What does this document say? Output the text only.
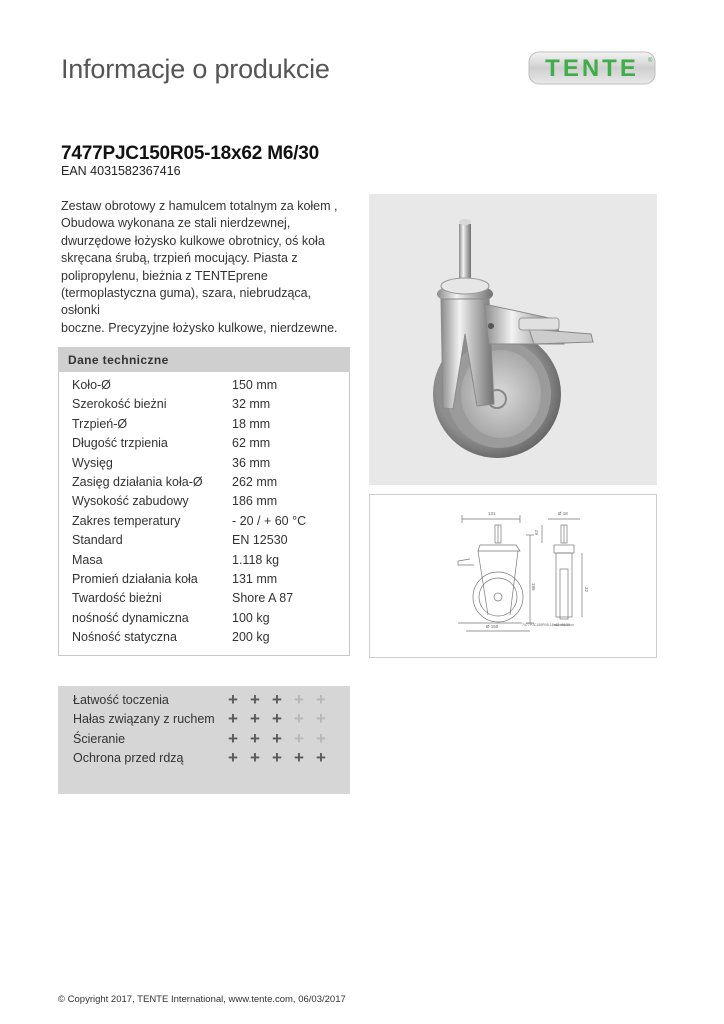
Informacje o produkcie	TENTE ®
7477PJC150R05-18x62 M6/30
EAN 4031582367416
Zestaw obrotowy z hamulcem totalnym za kołem ,
Obudowa wykonana ze stali nierdzewnej,
dwurzędowe łożysko kulkowe obrotnicy, oś koła
skręcana śrubą, trzpień mocujący. Piasta z
polipropylenu, bieżnia z TENTEprene
(termoplastyczna guma), szara, niebrudząca, osłonki
boczne. Precyzyjne łożysko kulkowe, nierdzewne.
Dane techniczne
Koło-Ø	150 mm
Szerokość bieżni	32 mm
Trzpień-Ø	18 mm
Długość trzpienia	62 mm
Wysięg	36 mm
Zasięg działania koła-Ø 262 mm
Wysokość zabudowy	186 mm
Zakres temperatury	- 20 / + 60 °C
Standard	EN 12530
Masa	1.118 kg
Promień działania koła	131 mm
Twardość bieżni	Shore A 87
nośność dynamiczna	100 kg
Nośność statyczna	200 kg
Łatwość toczenia	+ + + + +
Hałas związany z ruchem + + + + +
Ścieranie	+ + + + +
Ochrona przed rdzą	+ + + + +
131
186
Ø 150
Ø 18
62
32
7477PJC150R05-18x62 M6/30
© Copyright 2017, TENTE International, www.tente.com, 06/03/2017
